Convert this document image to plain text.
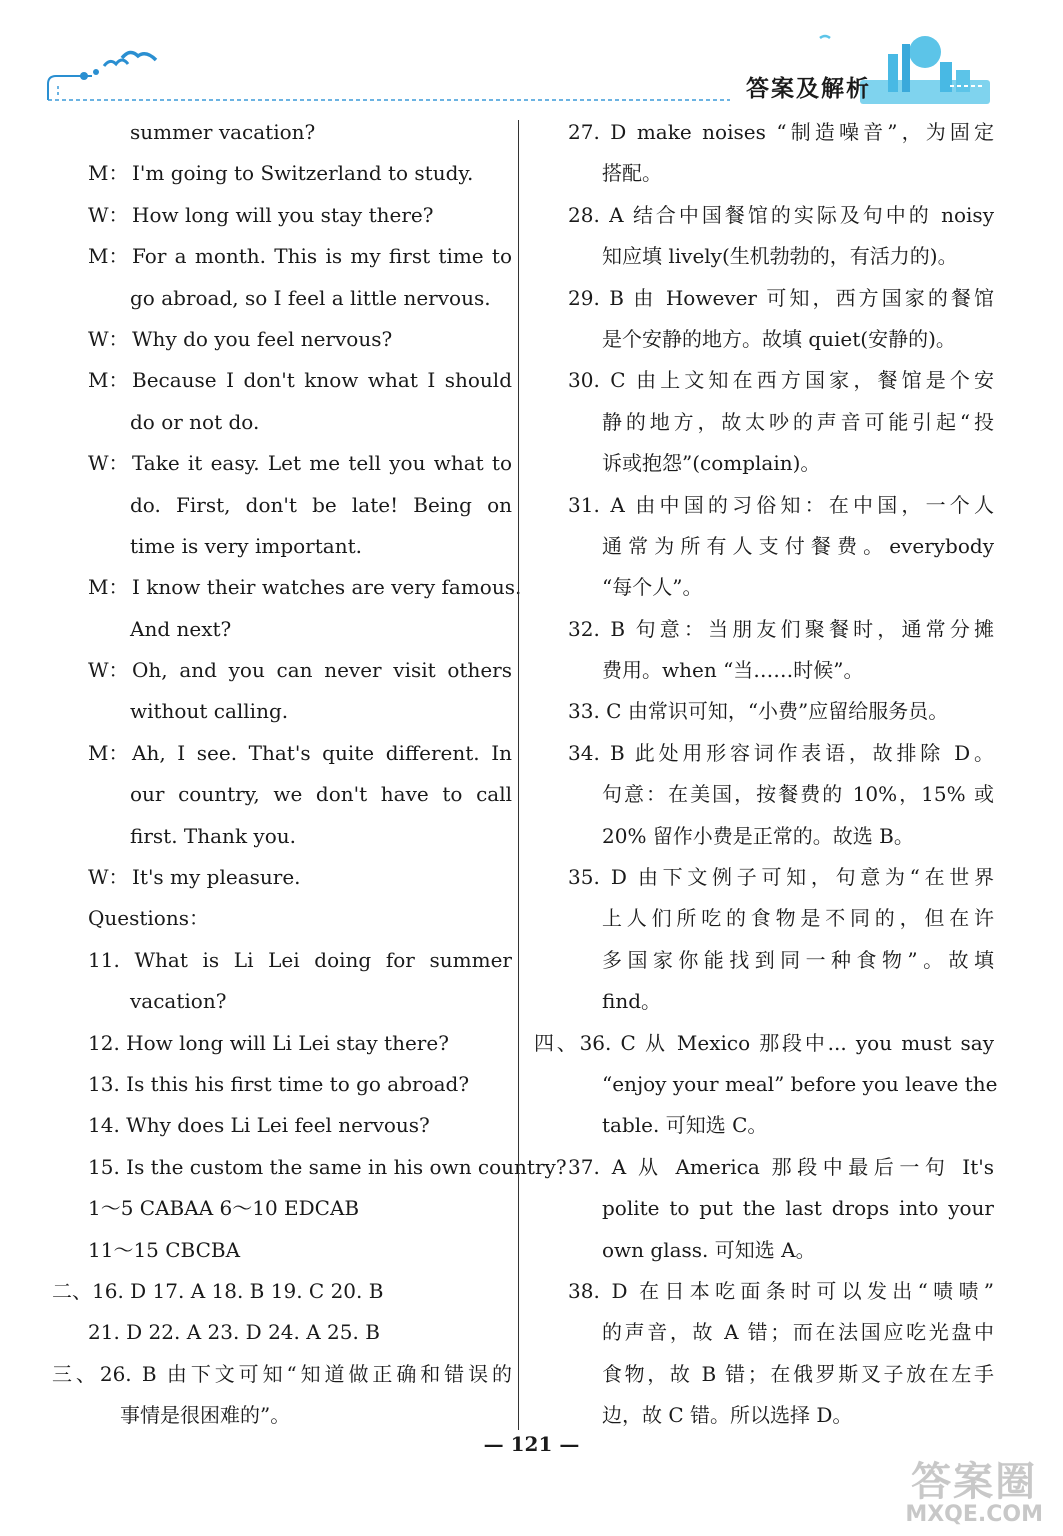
答案及解析
summer vacation?
M： I'm going to Switzerland to study.
W： How long will you stay there?
M： For a month. This is my first time to
go abroad, so I feel a little nervous.
W： Why do you feel nervous?
M： Because I don't know what I should
do or not do.
W： Take it easy. Let me tell you what to
do. First, don't be late! Being on
time is very important.
M： I know their watches are very famous.
And next?
W： Oh, and you can never visit others
without calling.
M： Ah, I see. That's quite different. In
our country, we don't have to call
first. Thank you.
W： It's my pleasure.
Questions：
11. What is Li Lei doing for summer
vacation?
12. How long will Li Lei stay there?
13. Is this his first time to go abroad?
14. Why does Li Lei feel nervous?
15. Is the custom the same in his own country?
1～5 CABAA 6～10 EDCAB
11～15 CBCBA
二、16. D 17. A 18. B 19. C 20. B
21. D 22. A 23. D 24. A 25. B
三、26. B 由下文可知“知道做正确和错误的
事情是很困难的”。
27. D make noises “制造噪音”，为固定
搭配。
28. A 结合中国餐馆的实际及句中的 noisy
知应填 lively(生机勃勃的，有活力的)。
29. B 由 However 可知，西方国家的餐馆
是个安静的地方。故填 quiet(安静的)。
30. C 由上文知在西方国家，餐馆是个安
静的地方，故太吵的声音可能引起“投
诉或抱怨”(complain)。
31. A 由中国的习俗知：在中国，一个人
通常为所有人支付餐费。everybody
“每个人”。
32. B 句意：当朋友们聚餐时，通常分摊
费用。when “当……时候”。
33. C 由常识可知，“小费”应留给服务员。
34. B 此处用形容词作表语，故排除 D。
句意：在美国，按餐费的 10%，15% 或
20% 留作小费是正常的。故选 B。
35. D 由下文例子可知，句意为“在世界
上人们所吃的食物是不同的，但在许
多国家你能找到同一种食物”。故填
find。
四、36. C 从 Mexico 那段中... you must say
“enjoy your meal” before you leave the
table. 可知选 C。
37. A 从 America 那段中最后一句 It's
polite to put the last drops into your
own glass. 可知选 A。
38. D 在日本吃面条时可以发出“啧啧”
的声音，故 A 错；而在法国应吃光盘中
食物，故 B 错；在俄罗斯叉子放在左手
边，故 C 错。所以选择 D。
— 121 —
答案圈
MXQE.COM
